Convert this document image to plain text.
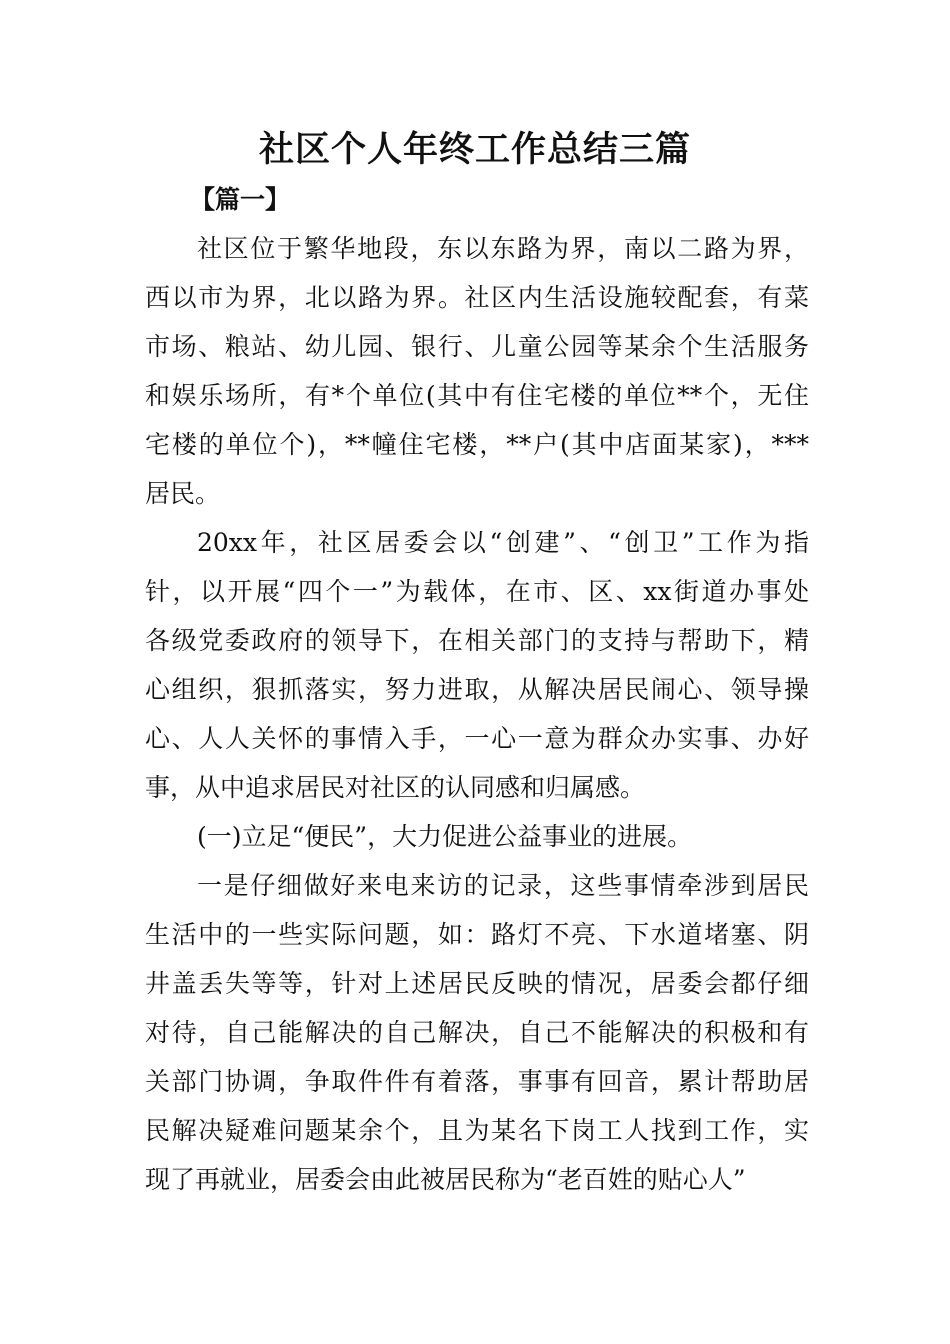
社区个人年终工作总结三篇
【篇一】

社区位于繁华地段，东以东路为界，南以二路为界，
西以市为界，北以路为界。社区内生活设施较配套，有菜
市场、粮站、幼儿园、银行、儿童公园等某余个生活服务
和娱乐场所，有*个单位(其中有住宅楼的单位**个，无住
宅楼的单位个)，**幢住宅楼，**户(其中店面某家)，***
居民。

20xx年，社区居委会以“创建”、“创卫”工作为指
针，以开展“四个一”为载体，在市、区、xx街道办事处
各级党委政府的领导下，在相关部门的支持与帮助下，精
心组织，狠抓落实，努力进取，从解决居民闹心、领导操
心、人人关怀的事情入手，一心一意为群众办实事、办好
事，从中追求居民对社区的认同感和归属感。

(一)立足“便民”，大力促进公益事业的进展。

一是仔细做好来电来访的记录，这些事情牵涉到居民
生活中的一些实际问题，如：路灯不亮、下水道堵塞、阴
井盖丢失等等，针对上述居民反映的情况，居委会都仔细
对待，自己能解决的自己解决，自己不能解决的积极和有
关部门协调，争取件件有着落，事事有回音，累计帮助居
民解决疑难问题某余个，且为某名下岗工人找到工作，实
现了再就业，居委会由此被居民称为“老百姓的贴心人”
